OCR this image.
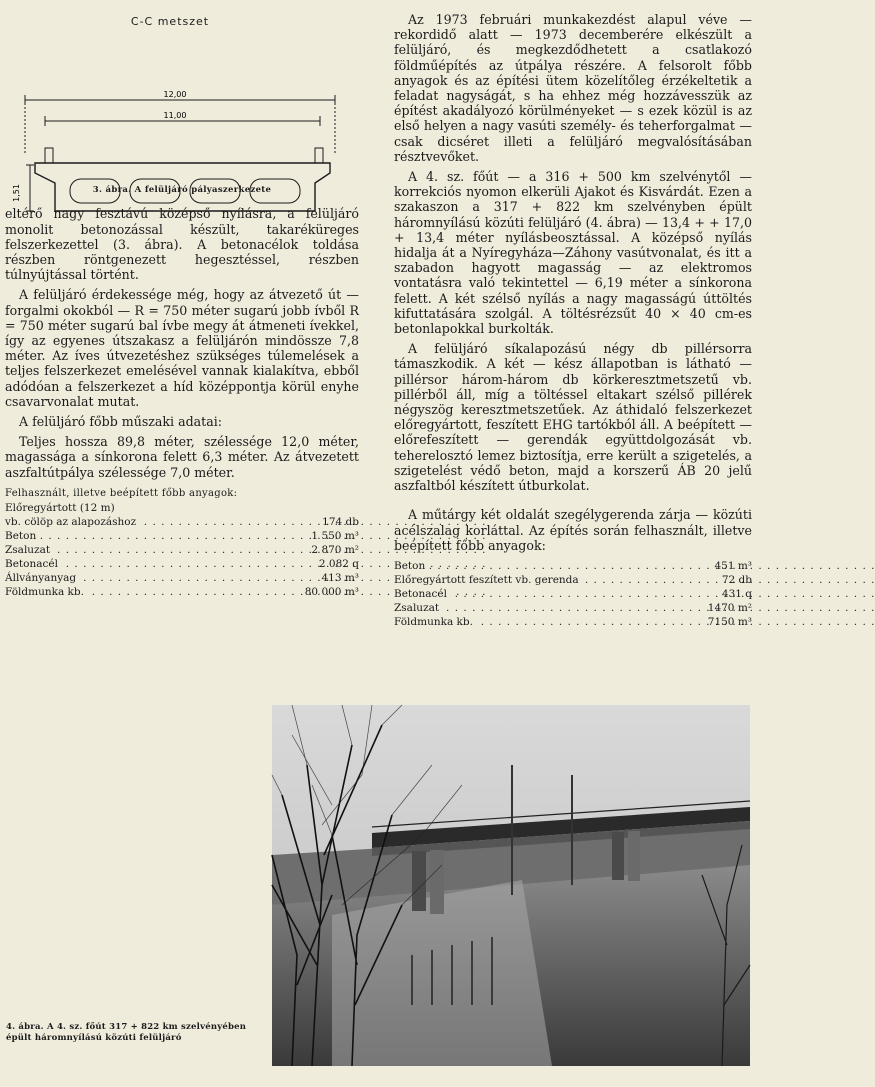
C-C metszet
12,00
11,00
1,51	3. ábra. A felüljáró pályaszerkezete

eltérő nagy fesztávú középső nyílásra, a felüljáró monolit betonozással készült, takaréküreges felszerkezettel (3. ábra). A betonacélok toldása részben röntgenezett hegesztéssel, részben túlnyújtással történt.

A felüljáró érdekessége még, hogy az átvezető út — forgalmi okokból — R = 750 méter sugarú jobb ívből R = 750 méter sugarú bal ívbe megy át átmeneti ívekkel, így az egyenes útszakasz a felüljárón mindössze 7,8 méter. Az íves útvezetéshez szükséges túlemelések a teljes felszerkezet emelésével vannak kialakítva, ebből adódóan a felszerkezet a híd középpontja körül enyhe csavarvonalat mutat.

A felüljáró főbb műszaki adatai:

Teljes hossza 89,8 méter, szélessége 12,0 méter, magassága a sínkorona felett 6,3 méter. Az átvezetett aszfaltútpálya szélessége 7,0 méter.

Felhasznált, illetve beépített főbb anyagok:
Előregyártott (12 m)	
vb. cölöp az alapozáshoz . . .	174 db
Beton . . .	1 550 m³
Zsaluzat . . .	2 870 m²
Betonacél . . .	2 082 q
Állványanyag . . .	413 m³
Földmunka kb. . . .	80 000 m³

Az 1973 februári munkakezdést alapul véve — rekordidő alatt — 1973 decemberére elkészült a felüljáró, és megkezdődhetett a csatlakozó földműépítés az útpálya részére. A felsorolt főbb anyagok és az építési ütem közelítőleg érzékeltetik a feladat nagyságát, s ha ehhez még hozzávesszük az építést akadályozó körülményeket — s ezek közül is az első helyen a nagy vasúti személy- és teherforgalmat — csak dicséret illeti a felüljáró megvalósításában résztvevőket.

A 4. sz. főút — a 316 + 500 km szelvénytől — korrekciós nyomon elkerüli Ajakot és Kisvárdát. Ezen a szakaszon a 317 + 822 km szelvényben épült háromnyílású közúti felüljáró (4. ábra) — 13,4 + + 17,0 + 13,4 méter nyílásbeosztással. A középső nyílás hidalja át a Nyíregyháza—Záhony vasútvonalat, és itt a szabadon hagyott magasság — az elektromos vontatásra való tekintettel — 6,19 méter a sínkorona felett. A két szélső nyílás a nagy magasságú úttöltés kifuttatására szolgál. A töltésrézsűt 40 × 40 cm-es betonlapokkal burkolták.

A felüljáró síkalapozású négy db pillérsorra támaszkodik. A két — kész állapotban is látható — pillérsor három-három db körkeresztmetszetű vb. pillérből áll, míg a töltéssel eltakart szélső pillérek négyszög keresztmetszetűek. Az áthidaló felszerkezet előregyártott, feszített EHG tartókból áll. A beépített — előrefeszített — gerendák együttdolgozását vb. teherelosztó lemez biztosítja, erre került a szigetelés, a szigetelést védő beton, majd a korszerű ÁB 20 jelű aszfaltból készített útburkolat.

A műtárgy két oldalát szegélygerenda zárja — közúti acélszalag korláttal. Az építés során felhasznált, illetve beépített főbb anyagok:

Beton . . .	451 m³
Előregyártott feszített vb. gerenda . . .	72 db
Betonacél . . .	431 q
Zsaluzat . . .	1470 m²
Földmunka kb. . . .	7150 m³
4. ábra. A 4. sz. főút 317 + 822 km szelvényében épült háromnyílású közúti felüljáró
